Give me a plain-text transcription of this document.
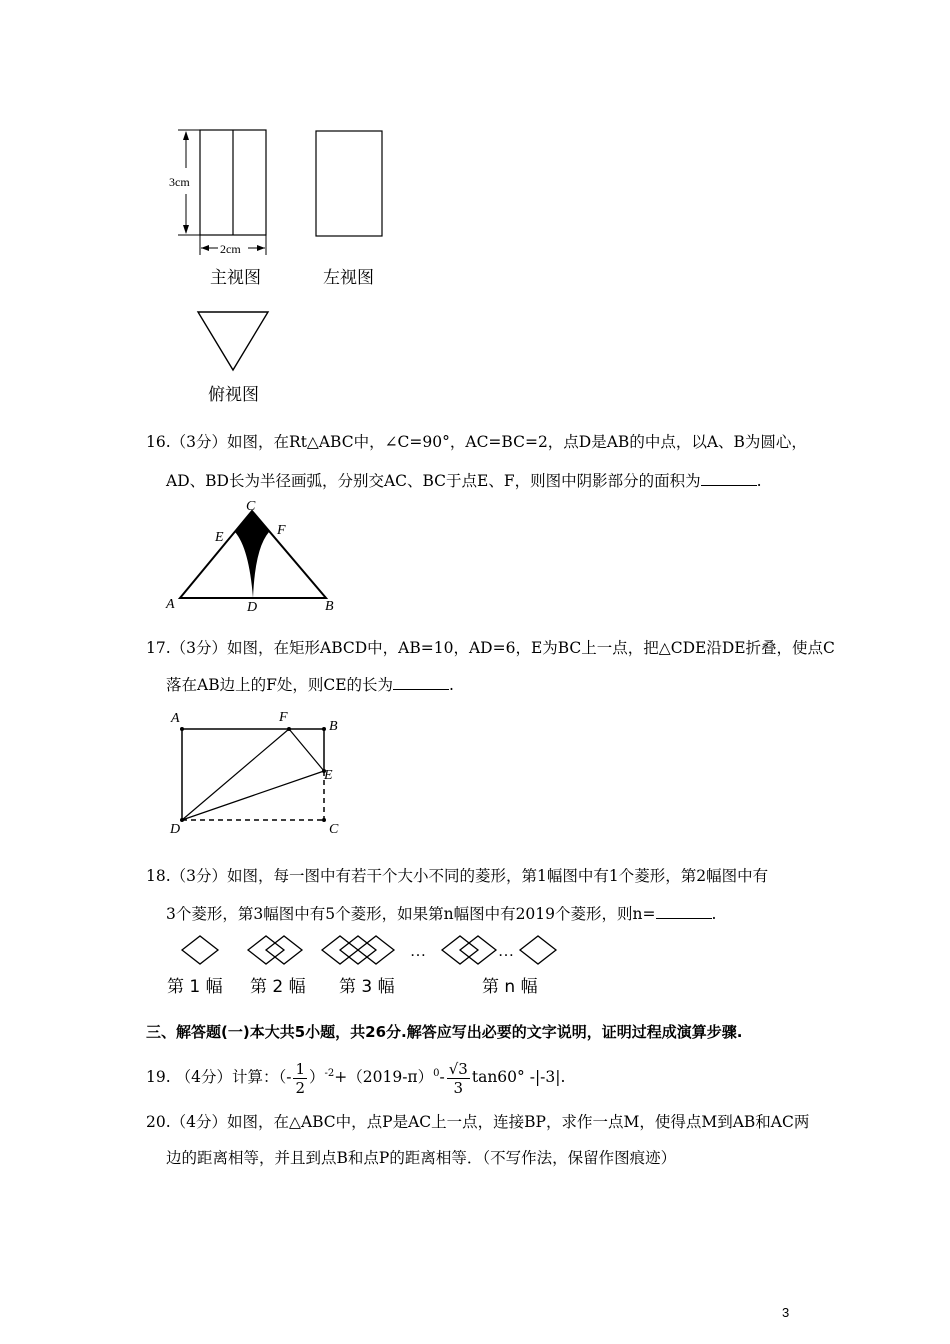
3cm
2cm
主视图	左视图
俯视图
16.（3分）如图，在Rt△ABC中，∠C=90°，AC=BC=2，点D是AB的中点，以A、B为圆心，
AD、BD长为半径画弧，分别交AC、BC于点E、F，则图中阴影部分的面积为	.
C
E	F
A	D	B
17.（3分）如图，在矩形ABCD中，AB=10，AD=6，E为BC上一点，把△CDE沿DE折叠，使点C
落在AB边上的F处，则CE的长为	.
A	F
B
E
D	C
18.（3分）如图，每一图中有若干个大小不同的菱形，第1幅图中有1个菱形，第2幅图中有
3个菱形，第3幅图中有5个菱形，如果第n幅图中有2019个菱形，则n=	.
…	…
第 1 幅 第 2 幅 第 3 幅	第 n 幅
三、解答题(一)本大共5小题，共26分.解答应写出必要的文字说明，证明过程成演算步骤.
19. （4分）计算：（- $\frac{1}{2} )^{-2}+(2019-\pi)^0- \frac{√3}{3} \tan 60^\circ$ -|-3|.
20.（4分）如图，在△ABC中，点P是AC上一点，连接BP，求作一点M，使得点M到AB和AC两
边的距离相等，并且到点B和点P的距离相等．（不写作法，保留作图痕迹）
3
